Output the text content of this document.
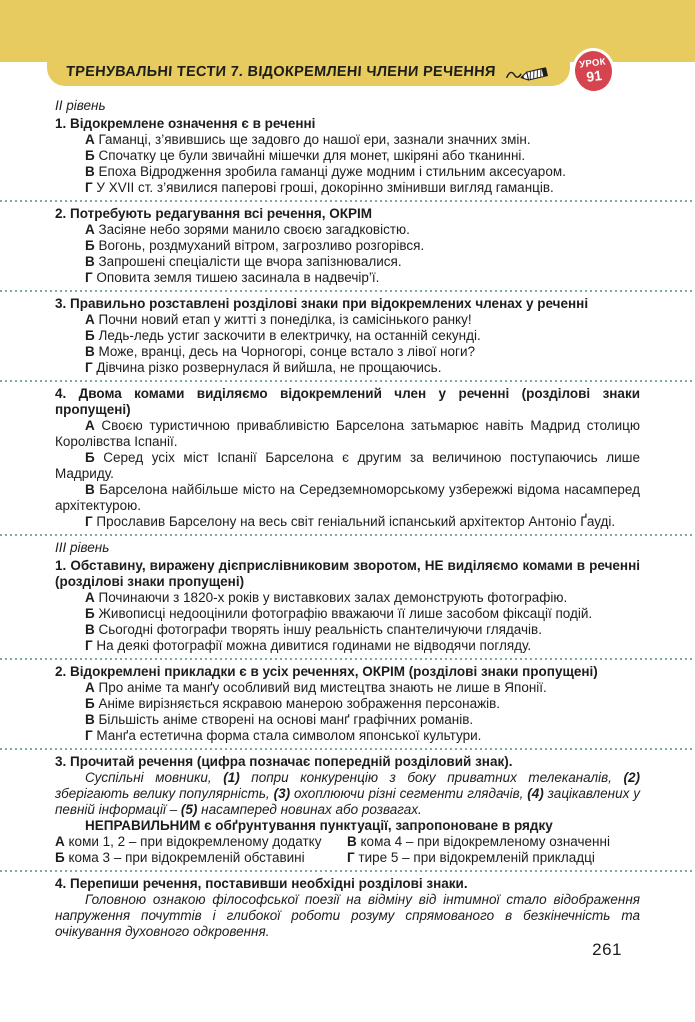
ТРЕНУВАЛЬНІ ТЕСТИ 7. ВІДОКРЕМЛЕНІ ЧЛЕНИ РЕЧЕННЯ
УРОК
91

ІІ рівень

1. Відокремлене означення є в реченні

А Гаманці, з’явившись ще задовго до нашої ери, зазнали значних змін.

Б Спочатку це були звичайні мішечки для монет, шкіряні або тканинні.

В Епоха Відродження зробила гаманці дуже модним і стильним аксесуаром.

Г У XVII ст. з’явилися паперові гроші, докорінно змінивши вигляд гаманців.

2. Потребують редагування всі речення, ОКРІМ

А Засіяне небо зорями манило своєю загадковістю.

Б Вогонь, роздмуханий вітром, загрозливо розгорівся.

В Запрошені спеціалісти ще вчора запізнювалися.

Г Оповита земля тишею засинала в надвечір’ї.

3. Правильно розставлені розділові знаки при відокремлених членах у реченні

А Почни новий етап у житті з понеділка, із самісінького ранку!

Б Ледь-ледь устиг заскочити в електричку, на останній секунді.

В Може, вранці, десь на Чорногорі, сонце встало з лівої ноги?

Г Дівчина різко розвернулася й вийшла, не прощаючись.

4. Двома комами виділяємо відокремлений член у реченні (розділові знаки пропущені)

А Своєю туристичною привабливістю Барселона затьмарює навіть Мадрид столицю Королівства Іспанії.

Б Серед усіх міст Іспанії Барселона є другим за величиною поступаючись лише Мадриду.

В Барселона найбільше місто на Середземноморському узбережжі відома насамперед архітектурою.

Г Прославив Барселону на весь світ геніальний іспанський архітектор Антоніо Ґауді.

ІІІ рівень

1. Обставину, виражену дієприслівниковим зворотом, НЕ виділяємо комами в реченні (розділові знаки пропущені)

А Починаючи з 1820-х років у виставкових залах демонструють фотографію.

Б Живописці недооцінили фотографію вважаючи її лише засобом фіксації подій.

В Сьогодні фотографи творять іншу реальність спантеличуючи глядачів.

Г На деякі фотографії можна дивитися годинами не відводячи погляду.

2. Відокремлені прикладки є в усіх реченнях, ОКРІМ (розділові знаки пропущені)

А Про аніме та манґу особливий вид мистецтва знають не лише в Японії.

Б Аніме вирізняється яскравою манерою зображення персонажів.

В Більшість аніме створені на основі манґ графічних романів.

Г Манґа естетична форма стала символом японської культури.

3. Прочитай речення (цифра позначає попередній розділовий знак).

Суспільні мовники, (1) попри конкуренцію з боку приватних телеканалів, (2) зберігають велику популярність, (3) охоплюючи різні сегменти глядачів, (4) зацікавлених у певній інформації – (5) насамперед новинах або розвагах.

НЕПРАВИЛЬНИМ є обґрунтування пунктуації, запропоноване в рядку

А коми 1, 2 – при відокремленому додатку

Б кома 3 – при відокремленій обставині

В кома 4 – при відокремленому означенні

Г тире 5 – при відокремленій прикладці

4. Перепиши речення, поставивши необхідні розділові знаки.

Головною ознакою філософської поезії на відміну від інтимної стало відображення напруження почуттів і глибокої роботи розуму спрямованого в безкінечність та очікування духовного одкровення.

261
